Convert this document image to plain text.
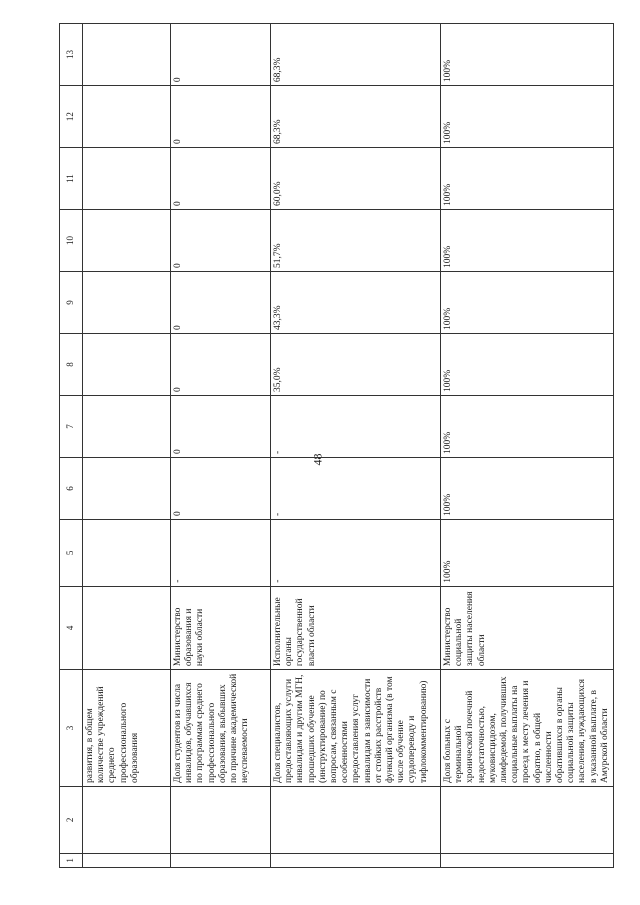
48
1	2	3	4	5	6	7	8	9	10	11	12	13
		развития, в общем количестве учреждений среднего профессионального образования										
		Доля студентов из числа инвалидов, обучавшихся по программам среднего профессионального образования, выбывших по причине академической неуспеваемости	Министерство образования и науки области	-	0	0	0	0	0	0	0	0
		Доля специалистов, предоставляющих услуги инвалидам и другим МГН, прошедших обучение (инструктирование) по вопросам, связанным с особенностями предоставления услуг инвалидам в зависимости от стойких расстройств функций организма (в том числе обучение сурдопереводу и тифлокомментированию)	Исполнительные органы государственной власти области	-	-	-	35,0%	43,3%	51,7%	60,0%	68,3%	68,3%
		Доля больных с терминальной хронической почечной недостаточностью, муковисцидозом, лимфедемой, получивших социальные выплаты на проезд к месту лечения и обратно, в общей численности обратившихся в органы социальной защиты населения, нуждающихся в указанной выплате, в Амурской области	Министерство социальной защиты населения области	100%	100%	100%	100%	100%	100%	100%	100%	100%
